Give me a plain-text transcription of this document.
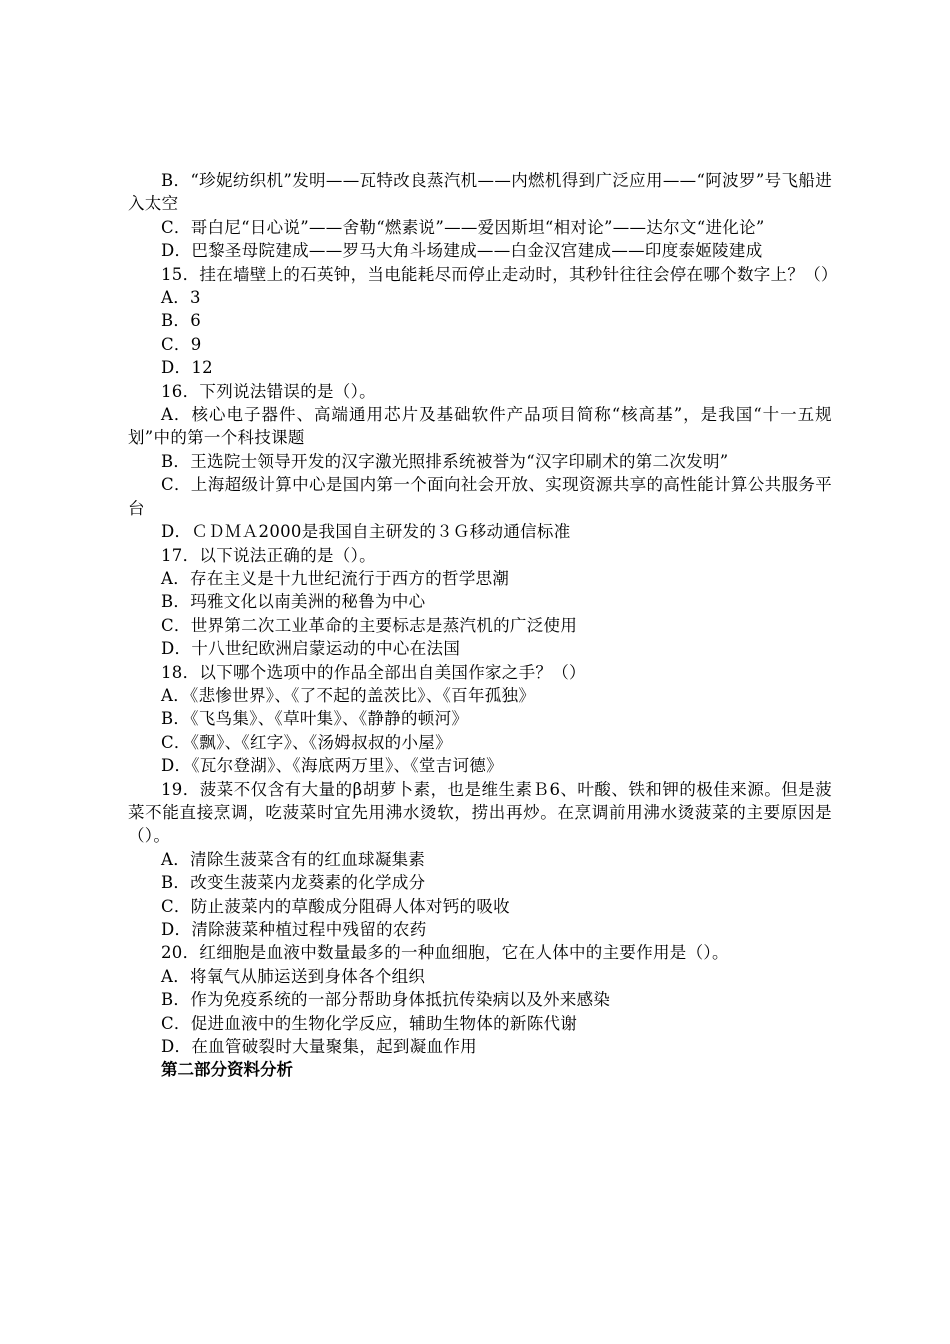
B．“珍妮纺织机”发明——瓦特改良蒸汽机——内燃机得到广泛应用——“阿波罗”号飞船进入太空

C．哥白尼“日心说”——舍勒“燃素说”——爱因斯坦“相对论”——达尔文“进化论”

D．巴黎圣母院建成——罗马大角斗场建成——白金汉宫建成——印度泰姬陵建成

15．挂在墙壁上的石英钟，当电能耗尽而停止走动时，其秒针往往会停在哪个数字上？（）

A．3

B．6

C．9

D．12

16．下列说法错误的是（）。

A．核心电子器件、高端通用芯片及基础软件产品项目简称“核高基”，是我国“十一五规划”中的第一个科技课题

B．王选院士领导开发的汉字激光照排系统被誉为“汉字印刷术的第二次发明”

C．上海超级计算中心是国内第一个面向社会开放、实现资源共享的高性能计算公共服务平台

D．ＣＤＭＡ2000是我国自主研发的３Ｇ移动通信标准

17．以下说法正确的是（）。

A．存在主义是十九世纪流行于西方的哲学思潮

B．玛雅文化以南美洲的秘鲁为中心

C．世界第二次工业革命的主要标志是蒸汽机的广泛使用

D．十八世纪欧洲启蒙运动的中心在法国

18．以下哪个选项中的作品全部出自美国作家之手？（）

A．《悲惨世界》、《了不起的盖茨比》、《百年孤独》

B．《飞鸟集》、《草叶集》、《静静的顿河》

C．《飘》、《红字》、《汤姆叔叔的小屋》

D．《瓦尔登湖》、《海底两万里》、《堂吉诃德》

19．菠菜不仅含有大量的β胡萝卜素，也是维生素Ｂ6、叶酸、铁和钾的极佳来源。但是菠菜不能直接烹调，吃菠菜时宜先用沸水烫软，捞出再炒。在烹调前用沸水烫菠菜的主要原因是（）。

A．清除生菠菜含有的红血球凝集素

B．改变生菠菜内龙葵素的化学成分

C．防止菠菜内的草酸成分阻碍人体对钙的吸收

D．清除菠菜种植过程中残留的农药

20．红细胞是血液中数量最多的一种血细胞，它在人体中的主要作用是（）。

A．将氧气从肺运送到身体各个组织

B．作为免疫系统的一部分帮助身体抵抗传染病以及外来感染

C．促进血液中的生物化学反应，辅助生物体的新陈代谢

D．在血管破裂时大量聚集，起到凝血作用

第二部分资料分析
